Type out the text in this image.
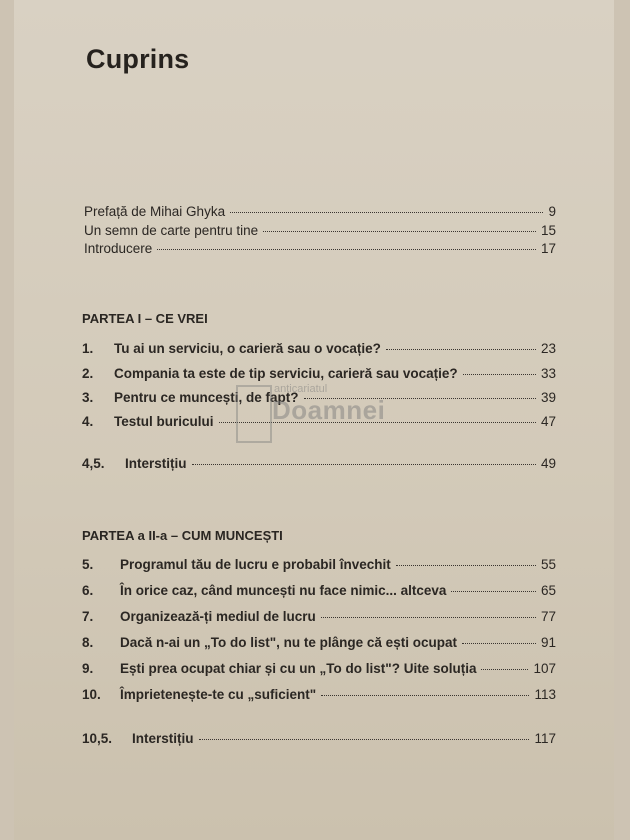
Cuprins
Prefață de Mihai Ghyka	9
Un semn de carte pentru tine	15
Introducere	17
PARTEA I – CE VREI
1.	Tu ai un serviciu, o carieră sau o vocație?	23
2.	Compania ta este de tip serviciu, carieră sau vocație?	33
3.	Pentru ce muncești, de fapt?	39
4.	Testul buricului	47
4,5.	Interstițiu	49
anticariatul
Doamnei
PARTEA a II-a – CUM MUNCEȘTI
5.	Programul tău de lucru e probabil învechit	55
6.	În orice caz, când muncești nu face nimic... altceva	65
7.	Organizează-ți mediul de lucru	77
8.	Dacă n-ai un „To do list", nu te plânge că ești ocupat	91
9.	Ești prea ocupat chiar și cu un „To do list"? Uite soluția	107
10.	Împrietenește-te cu „suficient"	113
10,5.	Interstițiu	117
